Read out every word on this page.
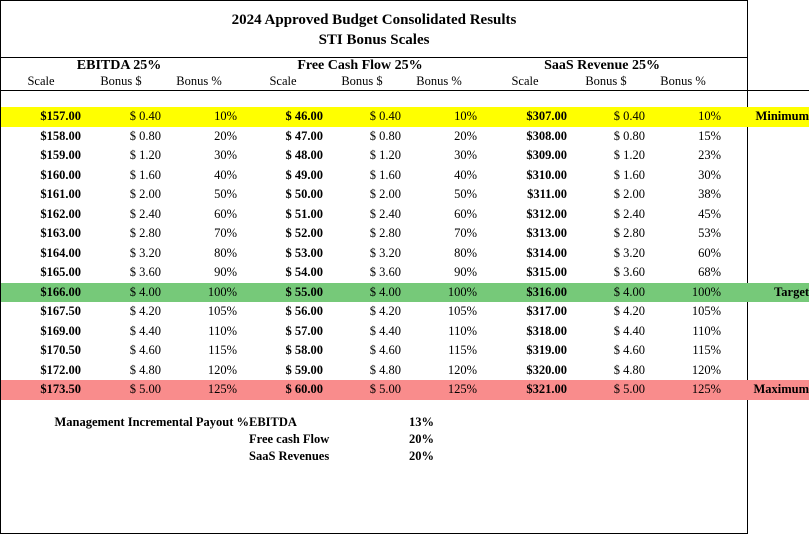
2024 Approved Budget Consolidated Results
STI Bonus Scales
EBITDA 25%				Free Cash Flow 25%				SaaS Revenue 25%			
Scale	Bonus $	Bonus %		Scale	Bonus $	Bonus %		Scale	Bonus $	Bonus %	

$157.00	$ 0.40	10%		$ 46.00	$ 0.40	10%		$307.00	$ 0.40	10%	Minimum
$158.00	$ 0.80	20%		$ 47.00	$ 0.80	20%		$308.00	$ 0.80	15%	
$159.00	$ 1.20	30%		$ 48.00	$ 1.20	30%		$309.00	$ 1.20	23%	
$160.00	$ 1.60	40%		$ 49.00	$ 1.60	40%		$310.00	$ 1.60	30%	
$161.00	$ 2.00	50%		$ 50.00	$ 2.00	50%		$311.00	$ 2.00	38%	
$162.00	$ 2.40	60%		$ 51.00	$ 2.40	60%		$312.00	$ 2.40	45%	
$163.00	$ 2.80	70%		$ 52.00	$ 2.80	70%		$313.00	$ 2.80	53%	
$164.00	$ 3.20	80%		$ 53.00	$ 3.20	80%		$314.00	$ 3.20	60%	
$165.00	$ 3.60	90%		$ 54.00	$ 3.60	90%		$315.00	$ 3.60	68%	
$166.00	$ 4.00	100%		$ 55.00	$ 4.00	100%		$316.00	$ 4.00	100%	Target
$167.50	$ 4.20	105%		$ 56.00	$ 4.20	105%		$317.00	$ 4.20	105%	
$169.00	$ 4.40	110%		$ 57.00	$ 4.40	110%		$318.00	$ 4.40	110%	
$170.50	$ 4.60	115%		$ 58.00	$ 4.60	115%		$319.00	$ 4.60	115%	
$172.00	$ 4.80	120%		$ 59.00	$ 4.80	120%		$320.00	$ 4.80	120%	
$173.50	$ 5.00	125%		$ 60.00	$ 5.00	125%		$321.00	$ 5.00	125%	Maximum
Management Incremental Payout %	EBITDA	13%
	Free cash Flow	20%
	SaaS Revenues	20%
